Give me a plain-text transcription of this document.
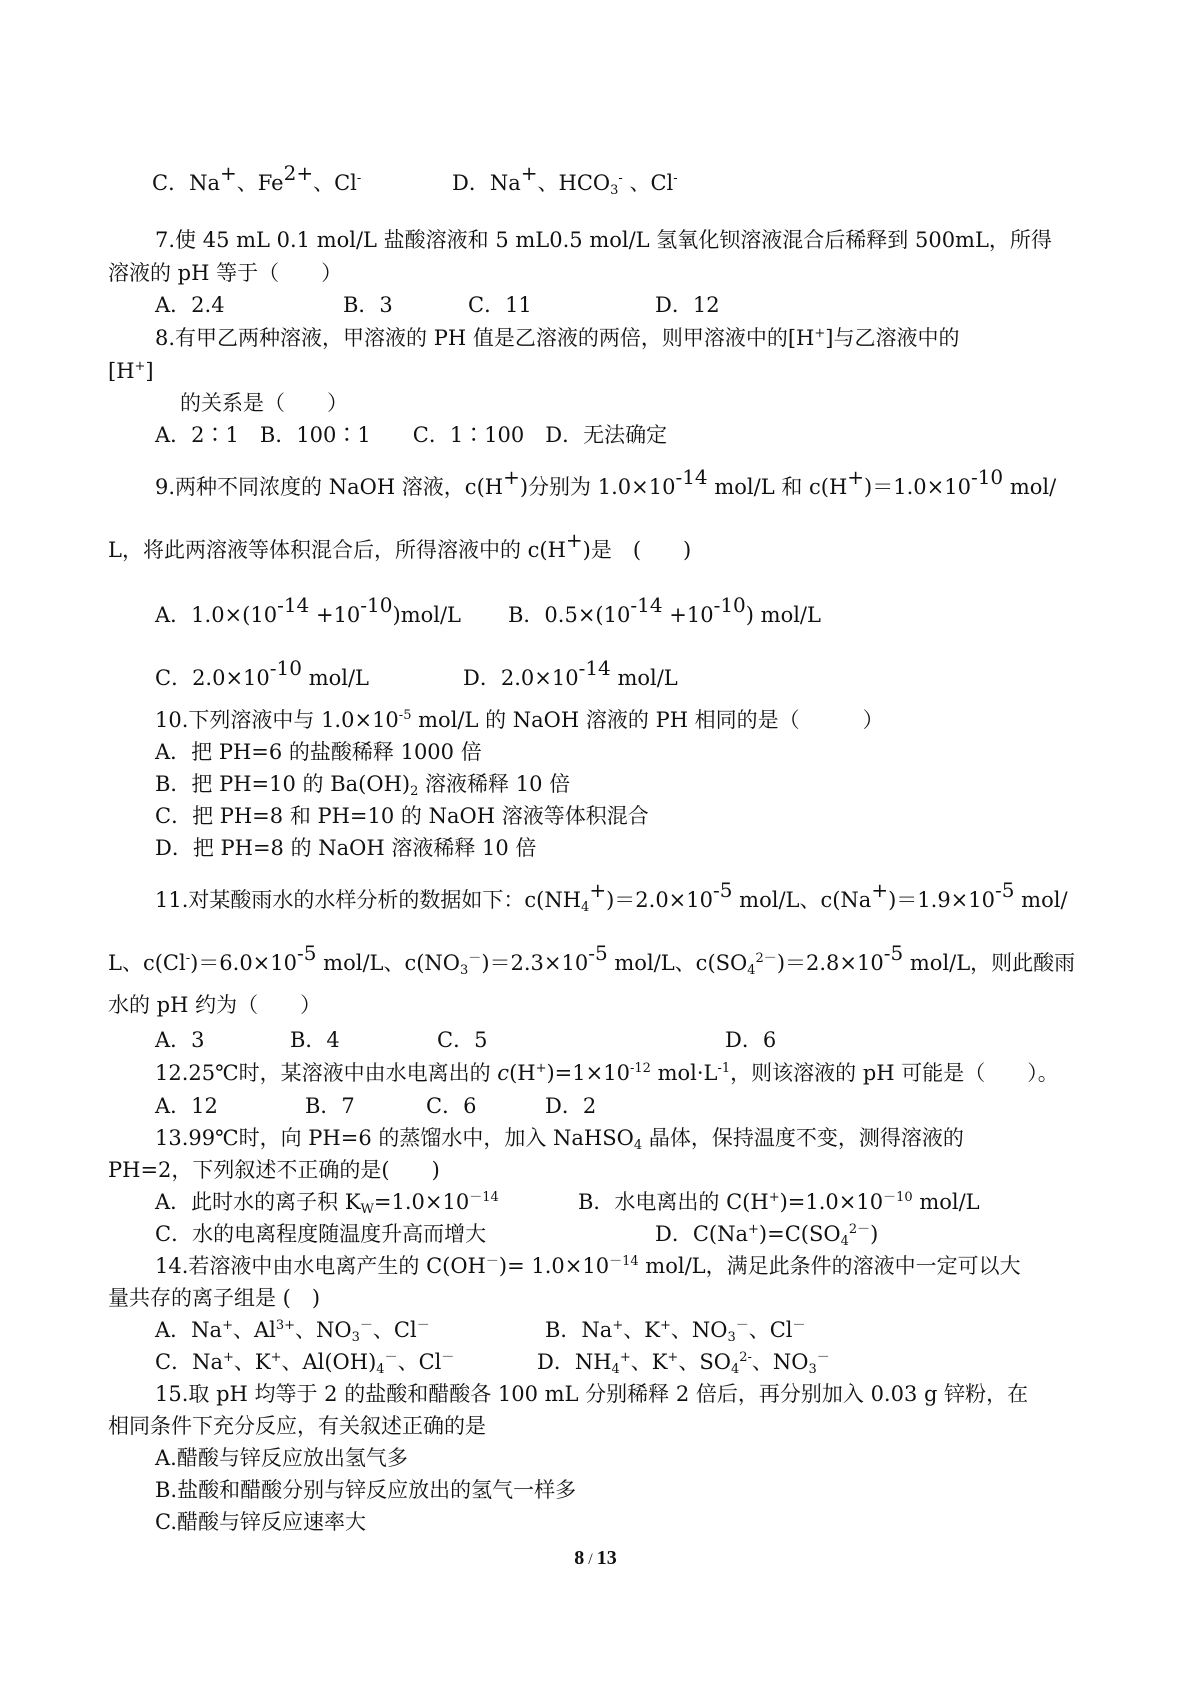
C．Na+、$Fe^{2+}$、Cl-	D．Na+、$HCO_3^-$ 、Cl-
7.使 45 mL 0.1 mol/L 盐酸溶液和 5 mL0.5 mol/L 氢氧化钡溶液混合后稀释到 500mL，所得
溶液的 pH 等于（　　）
A．2.4	B．3	C．11	D．12
8.有甲乙两种溶液，甲溶液的 PH 值是乙溶液的两倍，则甲溶液中的[H+]与乙溶液中的
[H+]
的关系是（　　）
A．2∶1　B．100∶1　　C．1∶100　D．无法确定
9.两种不同浓度的 NaOH 溶液，c(H+)分别为 $1.0\times 10^{-14}$ mol/L 和 $c(H^+)=1.0\times 10^{-10}$ mol/
L，将此两溶液等体积混合后，所得溶液中的 c(H+)是　(　　)
A．$1.0\times(10^{-14} +10^{-10})mol/L$ B．$0.5\times(10^{-14} +10^{-10})$ mol/L
C．$2.0\times 10^{-10}$ mol/L	D．$2.0\times 10^{-14}$ mol/L
10.下列溶液中与 $1.0\times 10^{-5}$ mol/L 的 NaOH 溶液的 PH 相同的是（　　　）
A．把 PH=6 的盐酸稀释 1000 倍
B．把 PH=10 的 $Ba(OH)_2$ 溶液稀释 10 倍
C．把 PH=8 和 PH=10 的 NaOH 溶液等体积混合
D．把 PH=8 的 NaOH 溶液稀释 10 倍
11.对某酸雨水的水样分析的数据如下：$c(NH_4^+)=2.0\times 10^{-5}$ mol/L、$c(Na^+)=1.9\times 10^{-5}$ mol/
L、$c(Cl^-)=6.0\times 10^{-5}$ mol/L、$c(NO_3^-)=2.3\times 10^{-5}$ mol/L、$c(SO_4^{2-})=2.8\times 10^{-5}$ mol/L，则此酸雨
水的 pH 约为（　　）
A．3	B．4	C．5	D．6
12.25℃时，某溶液中由水电离出的 $c(H^+)=1\times 10^{-12}$ $mol\cdot L^{-1}$，则该溶液的 pH 可能是（　　）。
A．12	B．7	C．6	D．2
13.99℃时，向 PH=6 的蒸馏水中，加入 NaHSO$_4$ 晶体，保持温度不变，测得溶液的
PH=2，下列叙述不正确的是(　　)
A．此时水的离子积 $K_W=1.0\times 10^{-14}$	B．水电离出的 $C(H^+)=1.0\times 10^{-10}$ mol/L
C．水的电离程度随温度升高而增大	D．$C(Na^+)=C(SO_4^{2-})$
14.若溶液中由水电离产生的 $C(OH^-)= 1.0\times 10^{-14}$ mol/L，满足此条件的溶液中一定可以大
量共存的离子组是 (　)
A．Na+、$Al^{3+}$、$NO_3^-$、Cl－	B．Na+、K+、$NO_3^-$、Cl－
C．Na+、K+、$Al(OH)_4^-$、Cl－	D．$NH_4^+$、K+、$SO_4^{2-}$、$NO_3^-$
15.取 pH 均等于 2 的盐酸和醋酸各 100 mL 分别稀释 2 倍后，再分别加入 0.03 g 锌粉，在
相同条件下充分反应，有关叙述正确的是
A.醋酸与锌反应放出氢气多
B.盐酸和醋酸分别与锌反应放出的氢气一样多
C.醋酸与锌反应速率大
8 / 13
